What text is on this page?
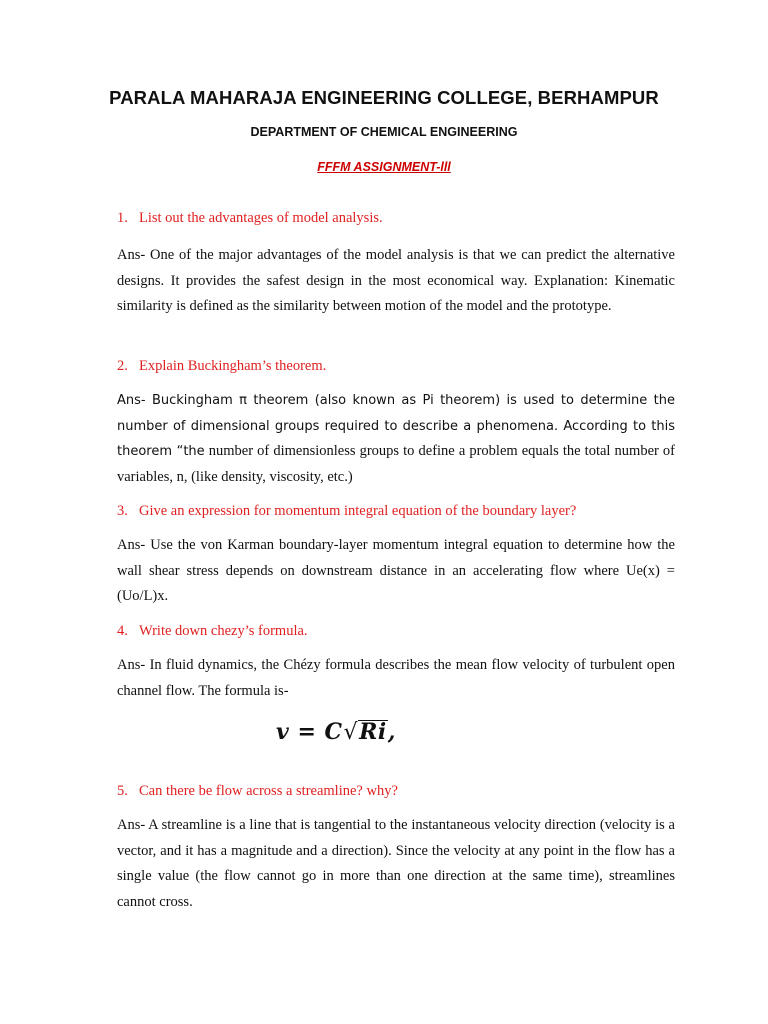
PARALA MAHARAJA ENGINEERING COLLEGE, BERHAMPUR
DEPARTMENT OF CHEMICAL ENGINEERING
FFFM ASSIGNMENT-lll

1. List out the advantages of model analysis.

Ans- One of the major advantages of the model analysis is that we can predict the alternative designs. It provides the safest design in the most economical way. Explanation: Kinematic similarity is defined as the similarity between motion of the model and the prototype.

2. Explain Buckingham’s theorem.

Ans- Buckingham π theorem (also known as Pi theorem) is used to determine the number of dimensional groups required to describe a phenomena. According to this theorem “the number of dimensionless groups to define a problem equals the total number of variables, n, (like density, viscosity, etc.)

3. Give an expression for momentum integral equation of the boundary layer?

Ans- Use the von Karman boundary-layer momentum integral equation to determine how the wall shear stress depends on downstream distance in an accelerating flow where Ue(x) = (Uo/L)x.

4. Write down chezy’s formula.

Ans- In fluid dynamics, the Chézy formula describes the mean flow velocity of turbulent open channel flow. The formula is-

v = C√Ri,

5. Can there be flow across a streamline? why?

Ans- A streamline is a line that is tangential to the instantaneous velocity direction (velocity is a vector, and it has a magnitude and a direction). Since the velocity at any point in the flow has a single value (the flow cannot go in more than one direction at the same time), streamlines cannot cross.
